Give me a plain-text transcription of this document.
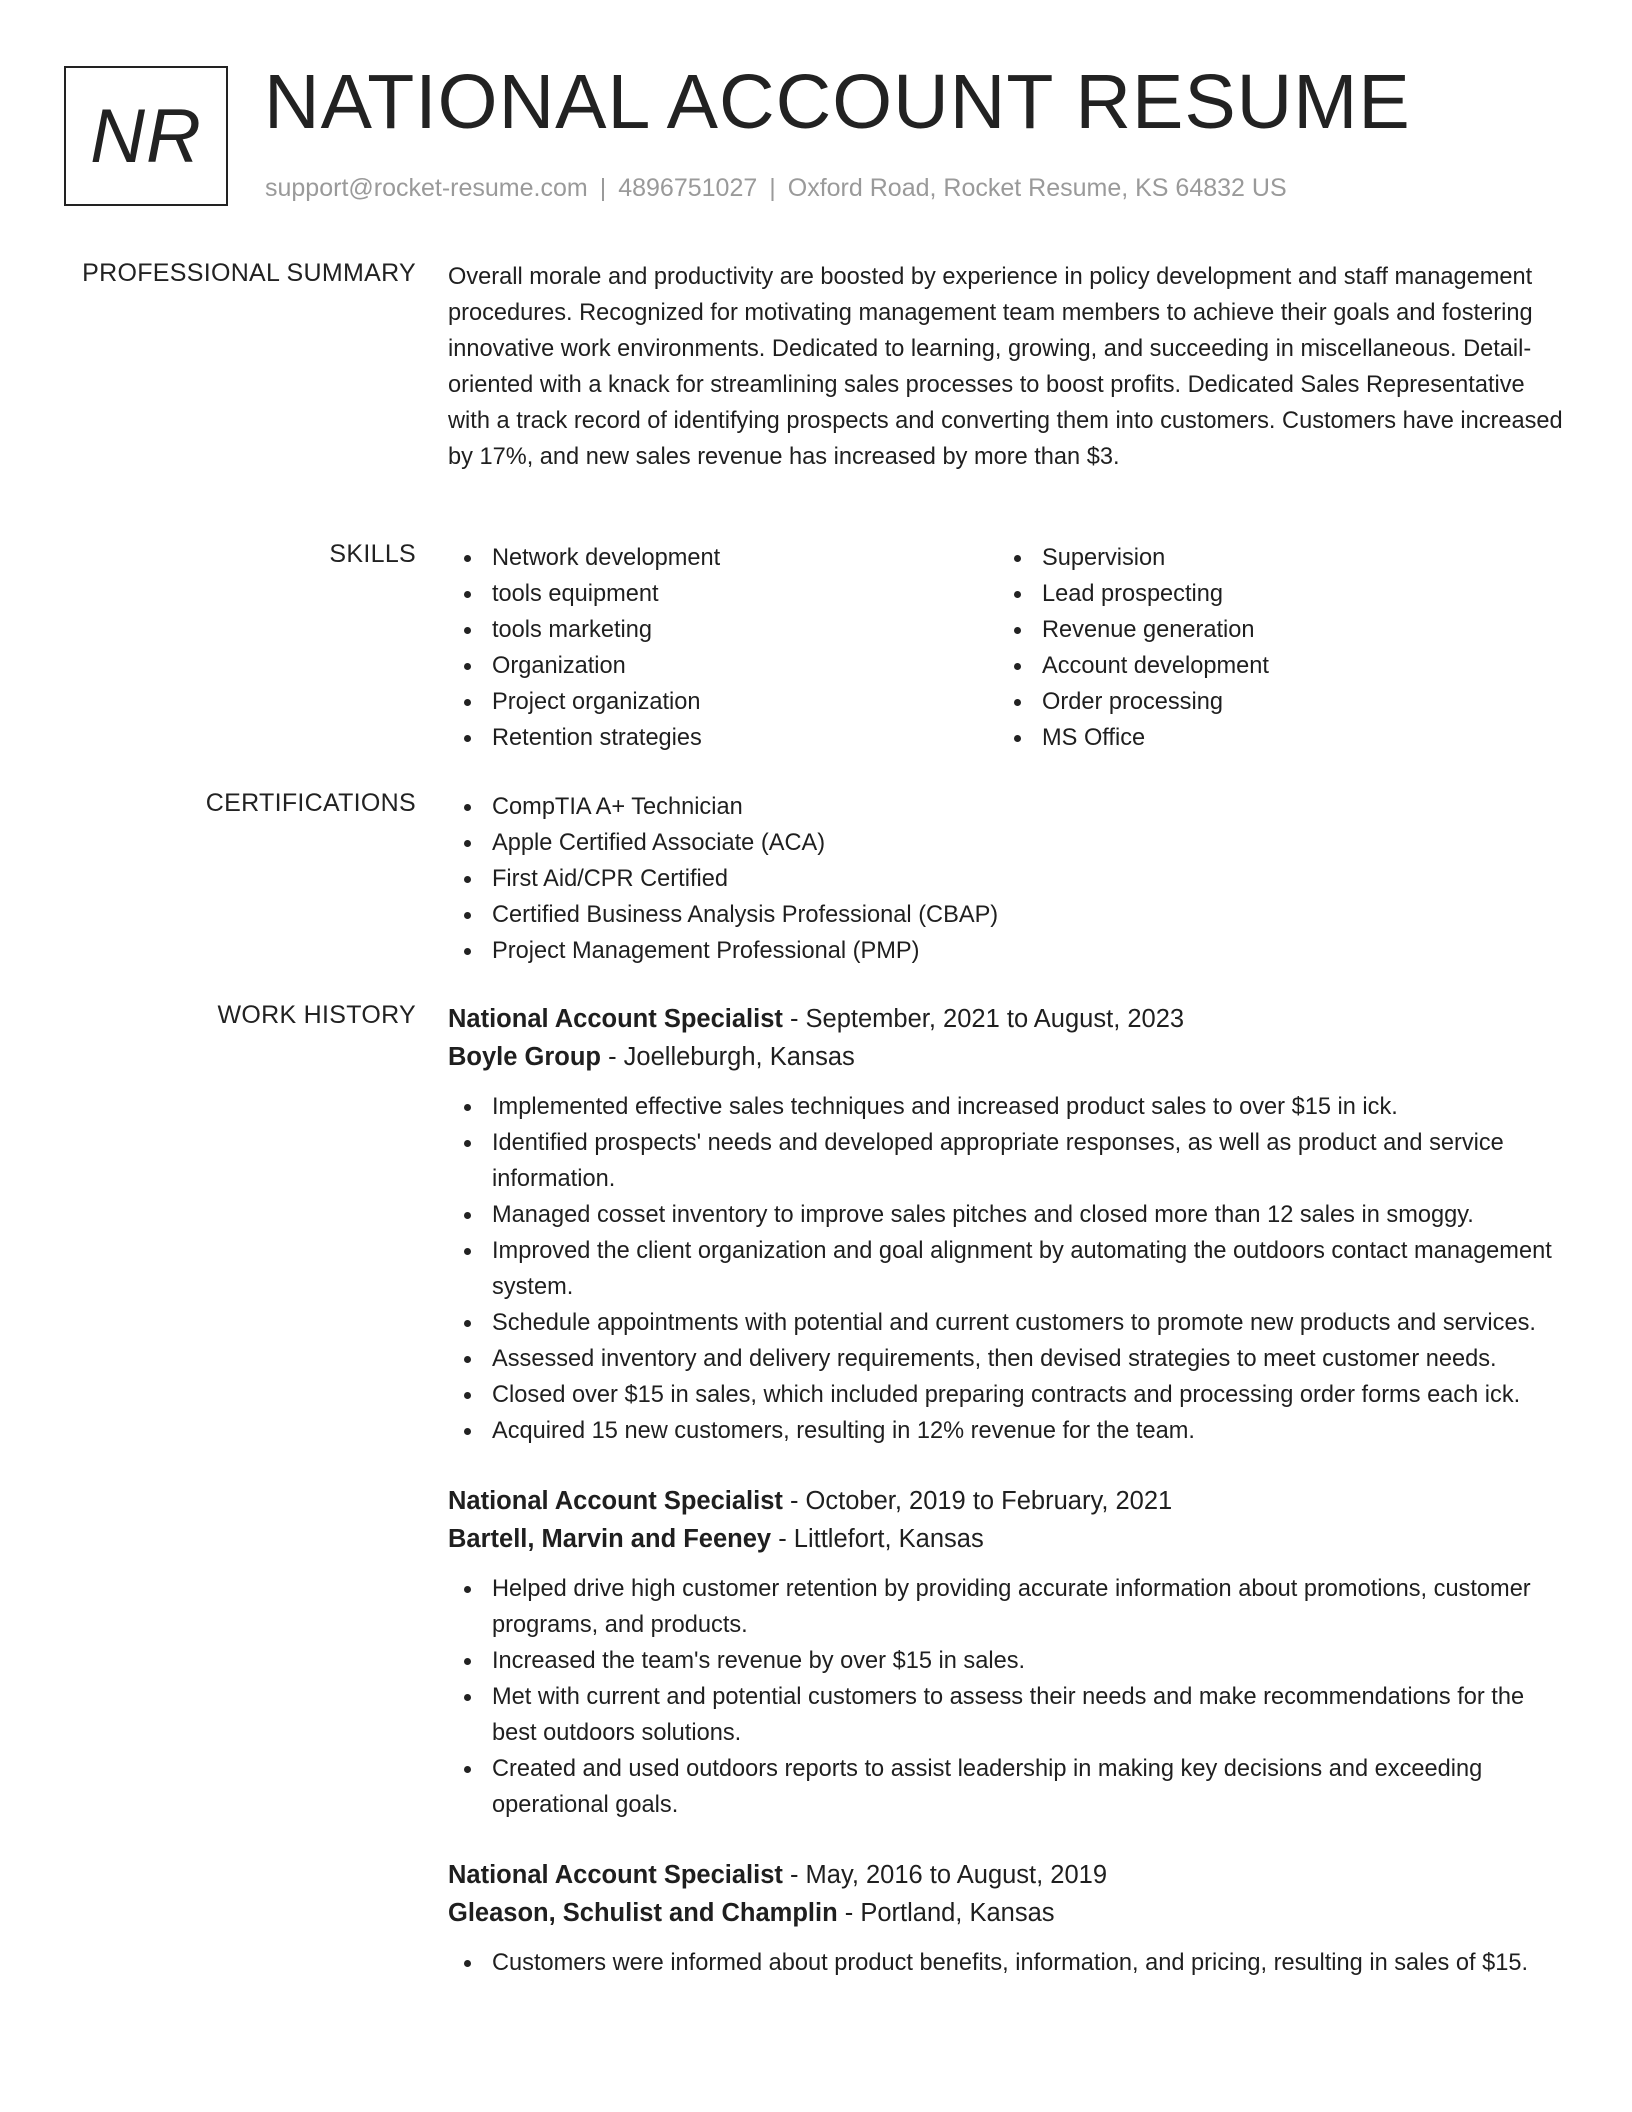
NR NATIONAL ACCOUNT RESUME
support@rocket-resume.com | 4896751027 | Oxford Road, Rocket Resume, KS 64832 US
PROFESSIONAL SUMMARY Overall morale and productivity are boosted by experience in policy development and staff management procedures. Recognized for motivating management team members to achieve their goals and fostering innovative work environments. Dedicated to learning, growing, and succeeding in miscellaneous. Detail-oriented with a knack for streamlining sales processes to boost profits. Dedicated Sales Representative with a track record of identifying prospects and converting them into customers. Customers have increased by 17%, and new sales revenue has increased by more than $3.

SKILLS	Network development
tools equipment
tools marketing
Organization
Project organization
Retention strategies
Supervision
Lead prospecting
Revenue generation
Account development
Order processing
MS Office
CERTIFICATIONS	CompTIA A+ Technician
Apple Certified Associate (ACA)
First Aid/CPR Certified
Certified Business Analysis Professional (CBAP)
Project Management Professional (PMP)
WORK HISTORY National Account Specialist - September, 2021 to August, 2023
Boyle Group - Joelleburgh, Kansas
Implemented effective sales techniques and increased product sales to over $15 in ick.
Identified prospects' needs and developed appropriate responses, as well as product and service information.
Managed cosset inventory to improve sales pitches and closed more than 12 sales in smoggy.
Improved the client organization and goal alignment by automating the outdoors contact management system.
Schedule appointments with potential and current customers to promote new products and services.
Assessed inventory and delivery requirements, then devised strategies to meet customer needs.
Closed over $15 in sales, which included preparing contracts and processing order forms each ick.
Acquired 15 new customers, resulting in 12% revenue for the team.
National Account Specialist - October, 2019 to February, 2021
Bartell, Marvin and Feeney - Littlefort, Kansas
Helped drive high customer retention by providing accurate information about promotions, customer programs, and products.
Increased the team's revenue by over $15 in sales.
Met with current and potential customers to assess their needs and make recommendations for the best outdoors solutions.
Created and used outdoors reports to assist leadership in making key decisions and exceeding operational goals.
National Account Specialist - May, 2016 to August, 2019
Gleason, Schulist and Champlin - Portland, Kansas
Customers were informed about product benefits, information, and pricing, resulting in sales of $15.
